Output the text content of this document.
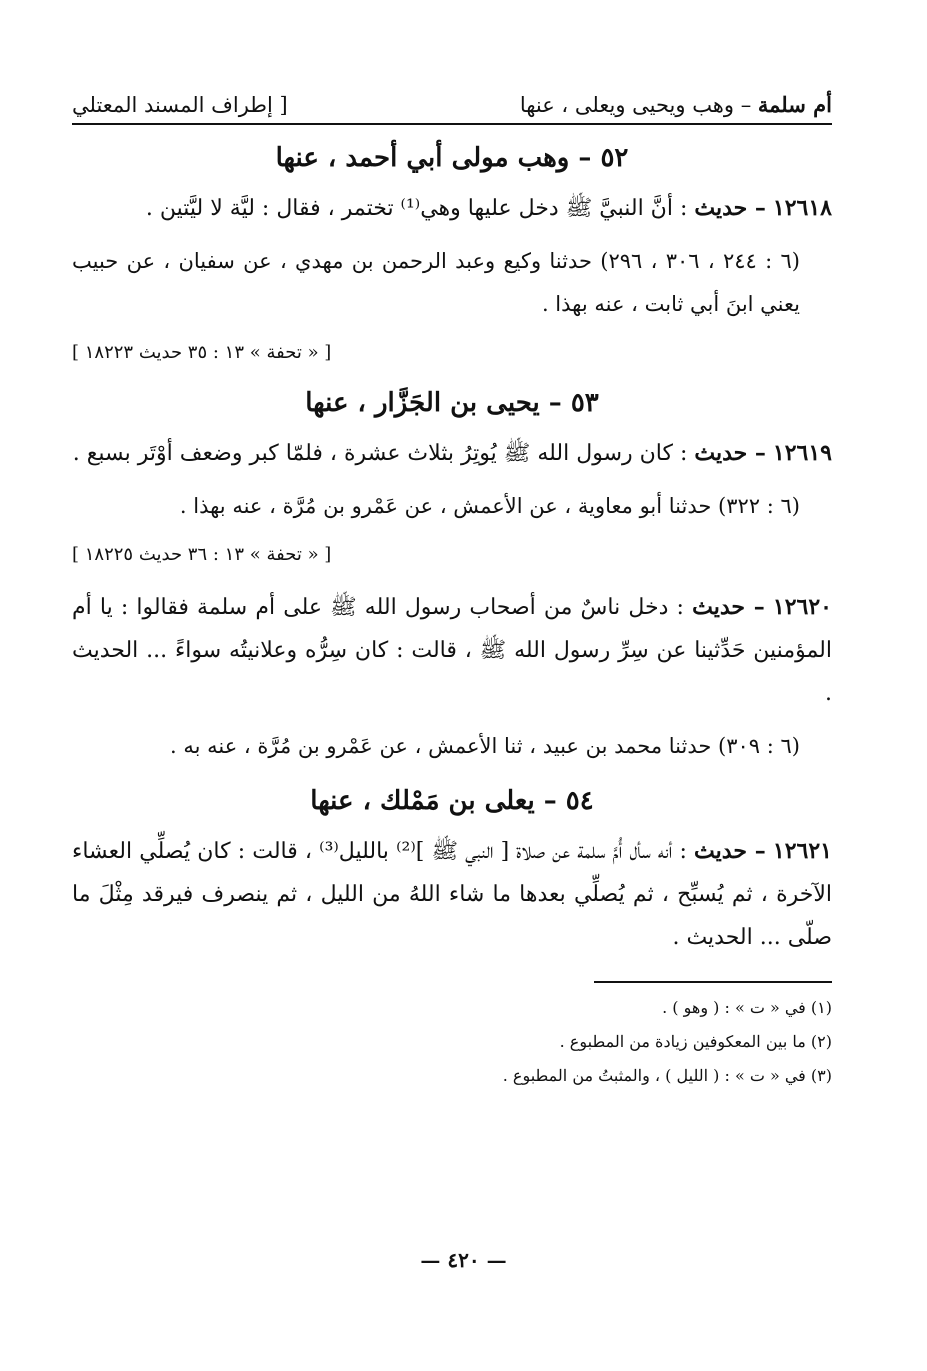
أم سلمة – وهب ويحيى ويعلى ، عنها
[ إطراف المسند المعتلي
٥٢ – وهب مولى أبي أحمد ، عنها

١٢٦١٨ – حديث : أنَّ النبيَّ ﷺ دخل عليها وهي⁽¹⁾ تختمر ، فقال : ليَّة لا ليَّتين .

(٦ : ٢٤٤ ، ٣٠٦ ، ٢٩٦) حدثنا وكيع وعبد الرحمن بن مهدي ، عن سفيان ، عن حبيب يعني ابنَ أبي ثابت ، عنه بهذا .

[ « تحفة » ١٣ : ٣٥ حديث ١٨٢٢٣ ]
٥٣ – يحيى بن الجَزَّار ، عنها

١٢٦١٩ – حديث : كان رسول الله ﷺ يُوتِرُ بثلاث عشرة ، فلمّا كبر وضعف أوْتَر بسبع .

(٦ : ٣٢٢) حدثنا أبو معاوية ، عن الأعمش ، عن عَمْرو بن مُرَّة ، عنه بهذا .

[ « تحفة » ١٣ : ٣٦ حديث ١٨٢٢٥ ]

١٢٦٢٠ – حديث : دخل ناسٌ من أصحاب رسول الله ﷺ على أم سلمة فقالوا : يا أم المؤمنين حَدِّثينا عن سِرِّ رسول الله ﷺ ، قالت : كان سِرُّه وعلانيتُه سواءً ... الحديث .

(٦ : ٣٠٩) حدثنا محمد بن عبيد ، ثنا الأعمش ، عن عَمْرو بن مُرَّة ، عنه به .

٥٤ – يعلى بن مَمْلك ، عنها

١٢٦٢١ – حديث : أنه سأل أُمَّ سلمة عن صلاة [ النبي ﷺ ]⁽²⁾ بالليل⁽³⁾ ، قالت : كان يُصلِّي العشاء الآخرة ، ثم يُسبِّح ، ثم يُصلِّي بعدها ما شاء اللهُ من الليل ، ثم ينصرف فيرقد مِثْلَ ما صلّى ... الحديث .

(١) في « ت » : ( وهو ) .
(٢) ما بين المعكوفين زيادة من المطبوع .
(٣) في « ت » : ( الليل ) ، والمثبتُ من المطبوع .
— ٤٢٠ —
